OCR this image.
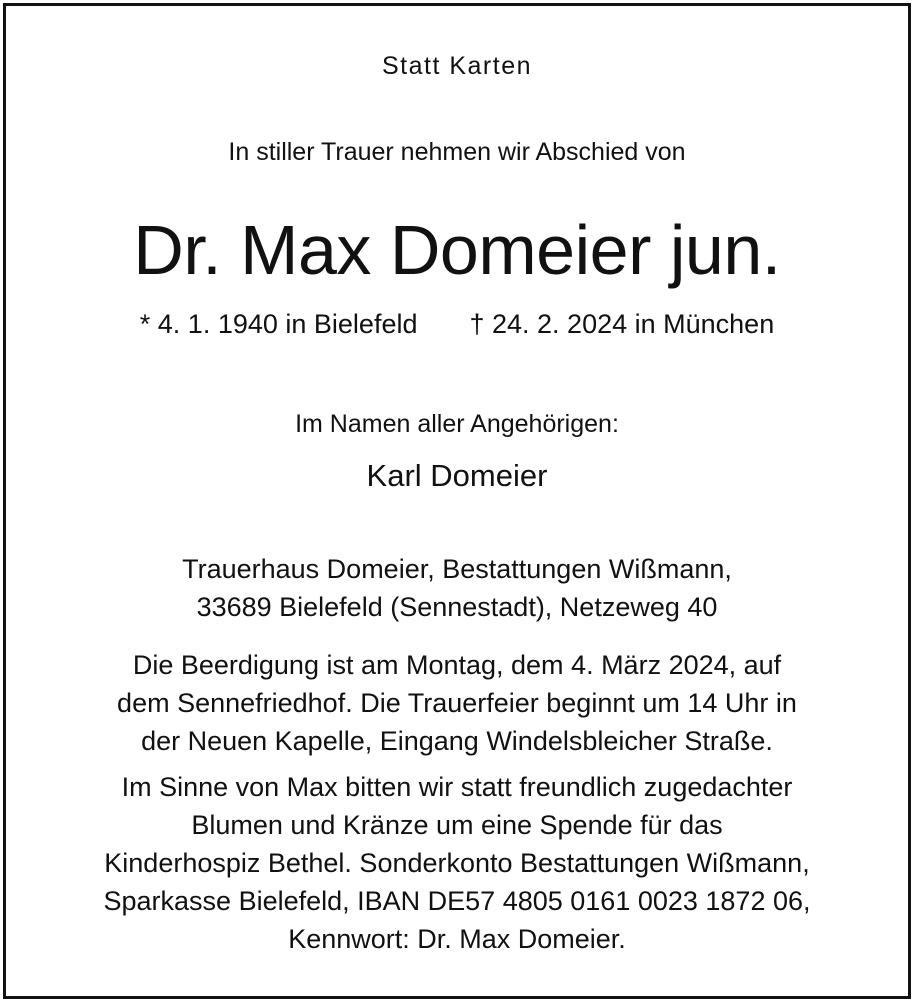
Statt Karten
In stiller Trauer nehmen wir Abschied von
Dr. Max Domeier jun.
* 4. 1. 1940 in Bielefeld † 24. 2. 2024 in München
Im Namen aller Angehörigen:
Karl Domeier
Trauerhaus Domeier, Bestattungen Wißmann,
33689 Bielefeld (Sennestadt), Netzeweg 40
Die Beerdigung ist am Montag, dem 4. März 2024, auf
dem Sennefriedhof. Die Trauerfeier beginnt um 14 Uhr in
der Neuen Kapelle, Eingang Windelsbleicher Straße.
Im Sinne von Max bitten wir statt freundlich zugedachter
Blumen und Kränze um eine Spende für das
Kinderhospiz Bethel. Sonderkonto Bestattungen Wißmann,
Sparkasse Bielefeld, IBAN DE57 4805 0161 0023 1872 06,
Kennwort: Dr. Max Domeier.
